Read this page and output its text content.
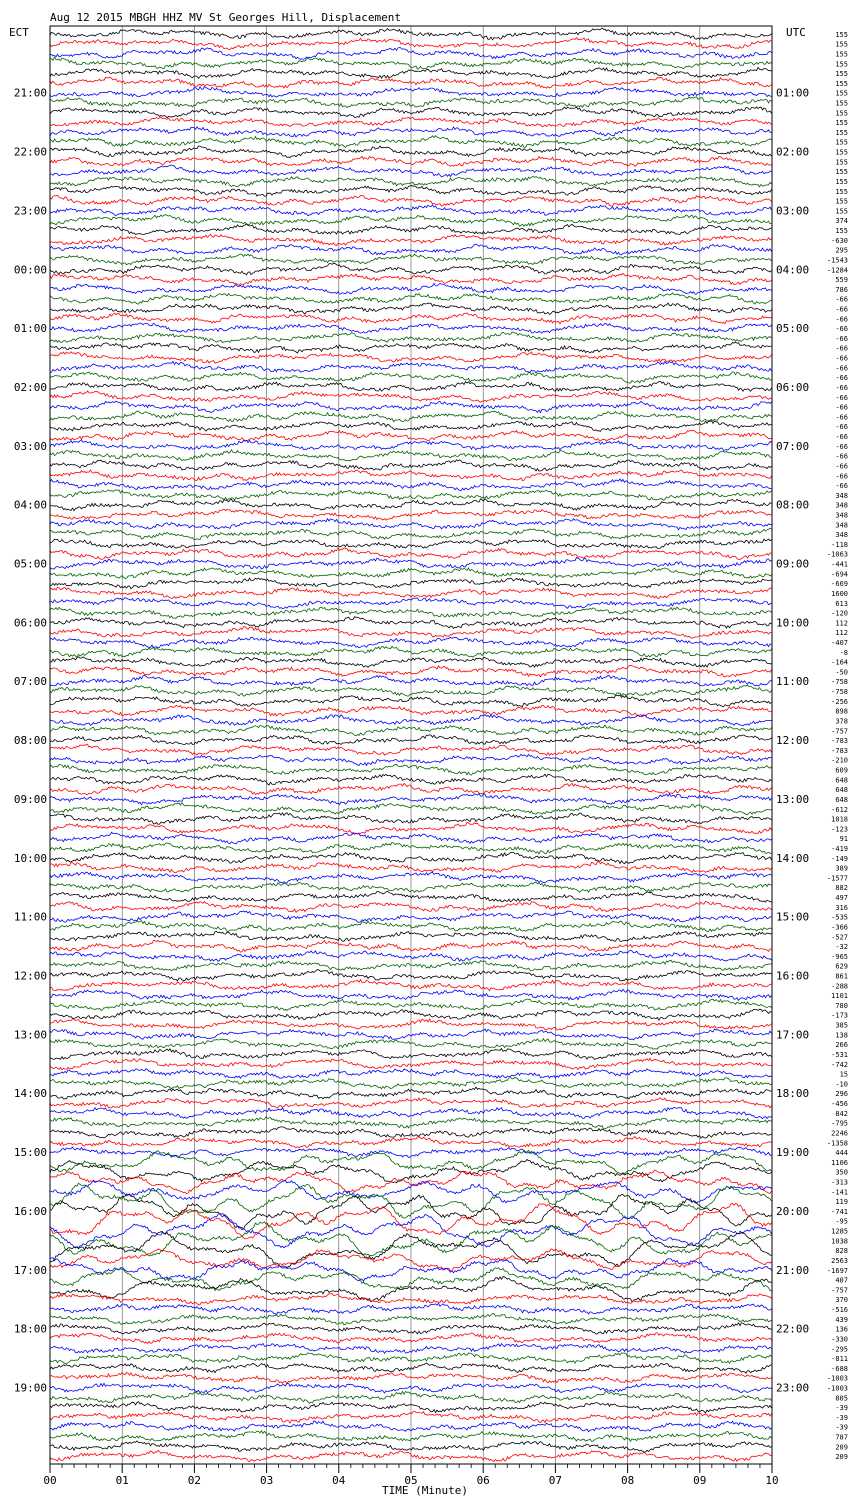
00	01	02	03	04	05	06	07	08	09	10
21:00
22:00
23:00
00:00
01:00
02:00
03:00
04:00
05:00
06:00
07:00
08:00
09:00
10:00
11:00
12:00
13:00
14:00
15:00
16:00
17:00
18:00
19:00
01:00
02:00
03:00
04:00
05:00
06:00
07:00
08:00
09:00
10:00
11:00
12:00
13:00
14:00
15:00
16:00
17:00
18:00
19:00
20:00
21:00
22:00
23:00
155
155
155
155
155
155
155
155
155
155
155
155
155
155
155
155
155
155
155
374
155
-630
295
-1543
-1284
559
786
-66
-66
-66
-66
-66
-66
-66
-66
-66
-66
-66
-66
-66
-66
-66
-66
-66
-66
-66
-66
348
348
348
348
348
-118
-1063
-441
-694
-669
1600
613
-120
112
112
-407
-8
-164
-50
-758
-758
-256
898
378
-757
-783
-783
-210
609
648
648
648
-612
1018
-123
91
-419
-149
389
-1577
882
497
316
-535
-366
-527
-32
-965
629
861
-288
1101
780
-173
385
138
266
-531
-742
15
-10
296
-456
842
-795
2246
-1358
444
1106
350
-313
-141
119
-741
-95
1285
1038
828
2563
-1697
407
-757
370
-516
439
136
-330
-295
-811
-688
-1003
-1003
805
-39
-39
-39
787
209
209
Aug 12 2015 MBGH HHZ MV St Georges Hill, Displacement
ECT	UTC
TIME (Minute)
